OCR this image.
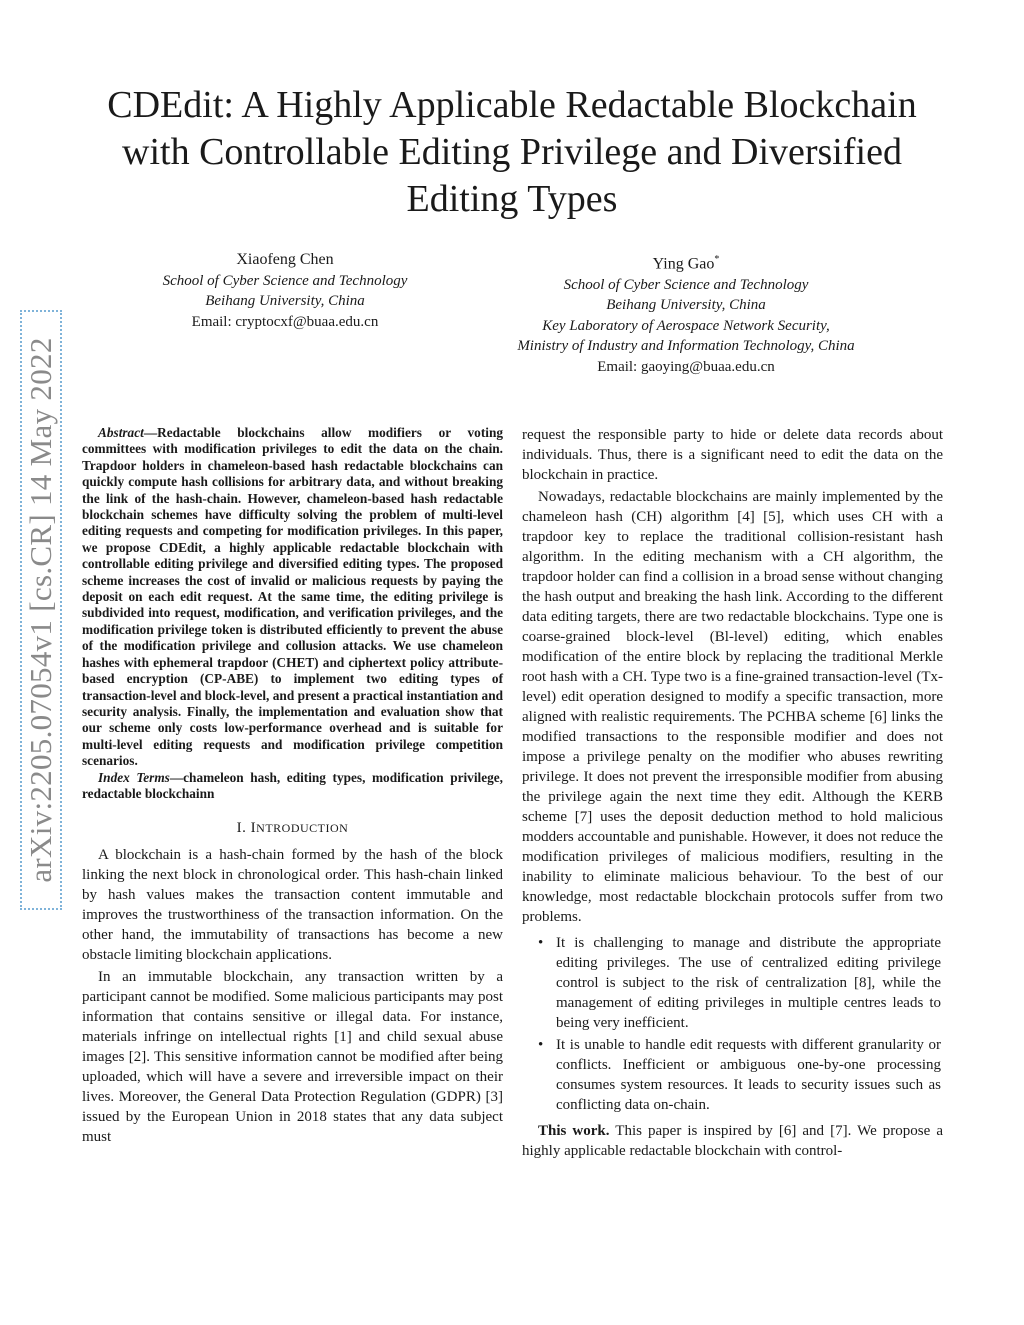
arXiv:2205.07054v1 [cs.CR] 14 May 2022
CDEdit: A Highly Applicable Redactable Blockchain with Controllable Editing Privilege and Diversified Editing Types
Xiaofeng Chen
School of Cyber Science and Technology
Beihang University, China
Email: cryptocxf@buaa.edu.cn
Ying Gao*
School of Cyber Science and Technology
Beihang University, China
Key Laboratory of Aerospace Network Security,
Ministry of Industry and Information Technology, China
Email: gaoying@buaa.edu.cn

Abstract—Redactable blockchains allow modifiers or voting committees with modification privileges to edit the data on the chain. Trapdoor holders in chameleon-based hash redactable blockchains can quickly compute hash collisions for arbitrary data, and without breaking the link of the hash-chain. However, chameleon-based hash redactable blockchain schemes have difficulty solving the problem of multi-level editing requests and competing for modification privileges. In this paper, we propose CDEdit, a highly applicable redactable blockchain with controllable editing privilege and diversified editing types. The proposed scheme increases the cost of invalid or malicious requests by paying the deposit on each edit request. At the same time, the editing privilege is subdivided into request, modification, and verification privileges, and the modification privilege token is distributed efficiently to prevent the abuse of the modification privilege and collusion attacks. We use chameleon hashes with ephemeral trapdoor (CHET) and ciphertext policy attribute-based encryption (CP-ABE) to implement two editing types of transaction-level and block-level, and present a practical instantiation and security analysis. Finally, the implementation and evaluation show that our scheme only costs low-performance overhead and is suitable for multi-level editing requests and modification privilege competition scenarios.

Index Terms—chameleon hash, editing types, modification privilege, redactable blockchainn

I. INTRODUCTION

A blockchain is a hash-chain formed by the hash of the block linking the next block in chronological order. This hash-chain linked by hash values makes the transaction content immutable and improves the trustworthiness of the transaction information. On the other hand, the immutability of transactions has become a new obstacle limiting blockchain applications.

In an immutable blockchain, any transaction written by a participant cannot be modified. Some malicious participants may post information that contains sensitive or illegal data. For instance, materials infringe on intellectual rights [1] and child sexual abuse images [2]. This sensitive information cannot be modified after being uploaded, which will have a severe and irreversible impact on their lives. Moreover, the General Data Protection Regulation (GDPR) [3] issued by the European Union in 2018 states that any data subject must

request the responsible party to hide or delete data records about individuals. Thus, there is a significant need to edit the data on the blockchain in practice.

Nowadays, redactable blockchains are mainly implemented by the chameleon hash (CH) algorithm [4] [5], which uses CH with a trapdoor key to replace the traditional collision-resistant hash algorithm. In the editing mechanism with a CH algorithm, the trapdoor holder can find a collision in a broad sense without changing the hash output and breaking the hash link. According to the different data editing targets, there are two redactable blockchains. Type one is coarse-grained block-level (Bl-level) editing, which enables modification of the entire block by replacing the traditional Merkle root hash with a CH. Type two is a fine-grained transaction-level (Tx-level) edit operation designed to modify a specific transaction, more aligned with realistic requirements. The PCHBA scheme [6] links the modified transactions to the responsible modifier and does not impose a privilege penalty on the modifier who abuses rewriting privilege. It does not prevent the irresponsible modifier from abusing the privilege again the next time they edit. Although the KERB scheme [7] uses the deposit deduction method to hold malicious modders accountable and punishable. However, it does not reduce the modification privileges of malicious modifiers, resulting in the inability to eliminate malicious behaviour. To the best of our knowledge, most redactable blockchain protocols suffer from two problems.

• It is challenging to manage and distribute the appropriate editing privileges. The use of centralized editing privilege control is subject to the risk of centralization [8], while the management of editing privileges in multiple centres leads to being very inefficient.
• It is unable to handle edit requests with different granularity or conflicts. Inefficient or ambiguous one-by-one processing consumes system resources. It leads to security issues such as conflicting data on-chain.

This work. This paper is inspired by [6] and [7]. We propose a highly applicable redactable blockchain with control-
